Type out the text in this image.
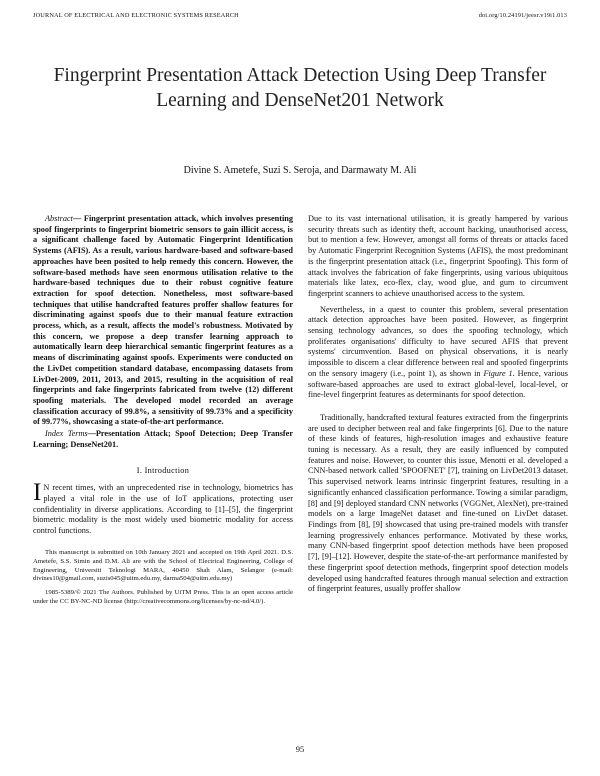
JOURNAL OF ELECTRICAL AND ELECTRONIC SYSTEMS RESEARCH	doi.org/10.24191/jeesr.v19i1.013
Fingerprint Presentation Attack Detection Using Deep Transfer Learning and DenseNet201 Network
Divine S. Ametefe, Suzi S. Seroja, and Darmawaty M. Ali

Abstract— Fingerprint presentation attack, which involves presenting spoof fingerprints to fingerprint biometric sensors to gain illicit access, is a significant challenge faced by Automatic Fingerprint Identification Systems (AFIS). As a result, various hardware-based and software-based approaches have been posited to help remedy this concern. However, the software-based methods have seen enormous utilisation relative to the hardware-based techniques due to their robust cognitive feature extraction for spoof detection. Nonetheless, most software-based techniques that utilise handcrafted features proffer shallow features for discriminating against spoofs due to their manual feature extraction process, which, as a result, affects the model's robustness. Motivated by this concern, we propose a deep transfer learning approach to automatically learn deep hierarchical semantic fingerprint features as a means of discriminating against spoofs. Experiments were conducted on the LivDet competition standard database, encompassing datasets from LivDet-2009, 2011, 2013, and 2015, resulting in the acquisition of real fingerprints and fake fingerprints fabricated from twelve (12) different spoofing materials. The developed model recorded an average classification accuracy of 99.8%, a sensitivity of 99.73% and a specificity of 99.77%, showcasing a state-of-the-art performance.

Index Terms—Presentation Attack; Spoof Detection; Deep Transfer Learning; DenseNet201.

I. Introduction

I N recent times, with an unprecedented rise in technology, biometrics has played a vital role in the use of IoT applications, protecting user confidentiality in diverse applications. According to [1]–[5], the fingerprint biometric modality is the most widely used biometric modality for access control functions.

This manuscript is submitted on 10th January 2021 and accepted on 19th April 2021. D.S. Ametefe, S.S. Simin and D.M. Ali are with the School of Electrical Engineering, College of Engineering, Universiti Teknologi MARA, 40450 Shah Alam, Selangor (e-mail: divines10@gmail.com, suzis045@uitm.edu.my, darma504@uitm.edu.my)

1985-5389/© 2021 The Authors. Published by UiTM Press. This is an open access article under the CC BY-NC-ND license (http://creativecommons.org/licenses/by-nc-nd/4.0/).

Due to its vast international utilisation, it is greatly hampered by various security threats such as identity theft, account hacking, unauthorised access, but to mention a few. However, amongst all forms of threats or attacks faced by Automatic Fingerprint Recognition Systems (AFIS), the most predominant is the fingerprint presentation attack (i.e., fingerprint Spoofing). This form of attack involves the fabrication of fake fingerprints, using various ubiquitous materials like latex, eco-flex, clay, wood glue, and gum to circumvent fingerprint scanners to achieve unauthorised access to the system.

Nevertheless, in a quest to counter this problem, several presentation attack detection approaches have been posited. However, as fingerprint sensing technology advances, so does the spoofing technology, which proliferates organisations' difficulty to have secured AFIS that prevent systems' circumvention. Based on physical observations, it is nearly impossible to discern a clear difference between real and spoofed fingerprints on the sensory imagery (i.e., point 1), as shown in Figure 1. Hence, various software-based approaches are used to extract global-level, local-level, or fine-level fingerprint features as determinants for spoof detection.

Traditionally, handcrafted textural features extracted from the fingerprints are used to decipher between real and fake fingerprints [6]. Due to the nature of these kinds of features, high-resolution images and exhaustive feature tuning is necessary. As a result, they are easily influenced by computed features and noise. However, to counter this issue, Menotti et al. developed a CNN-based network called 'SPOOFNET' [7], training on LivDet2013 dataset. This supervised network learns intrinsic fingerprint features, resulting in a significantly enhanced classification performance. Towing a similar paradigm, [8] and [9] deployed standard CNN networks (VGGNet, AlexNet), pre-trained models on a large ImageNet dataset and fine-tuned on LivDet dataset. Findings from [8], [9] showcased that using pre-trained models with transfer learning progressively enhances performance. Motivated by these works, many CNN-based fingerprint spoof detection methods have been proposed [7], [9]–[12]. However, despite the state-of-the-art performance manifested by these fingerprint spoof detection methods, fingerprint spoof detection models developed using handcrafted features through manual selection and extraction of fingerprint features, usually proffer shallow

95
